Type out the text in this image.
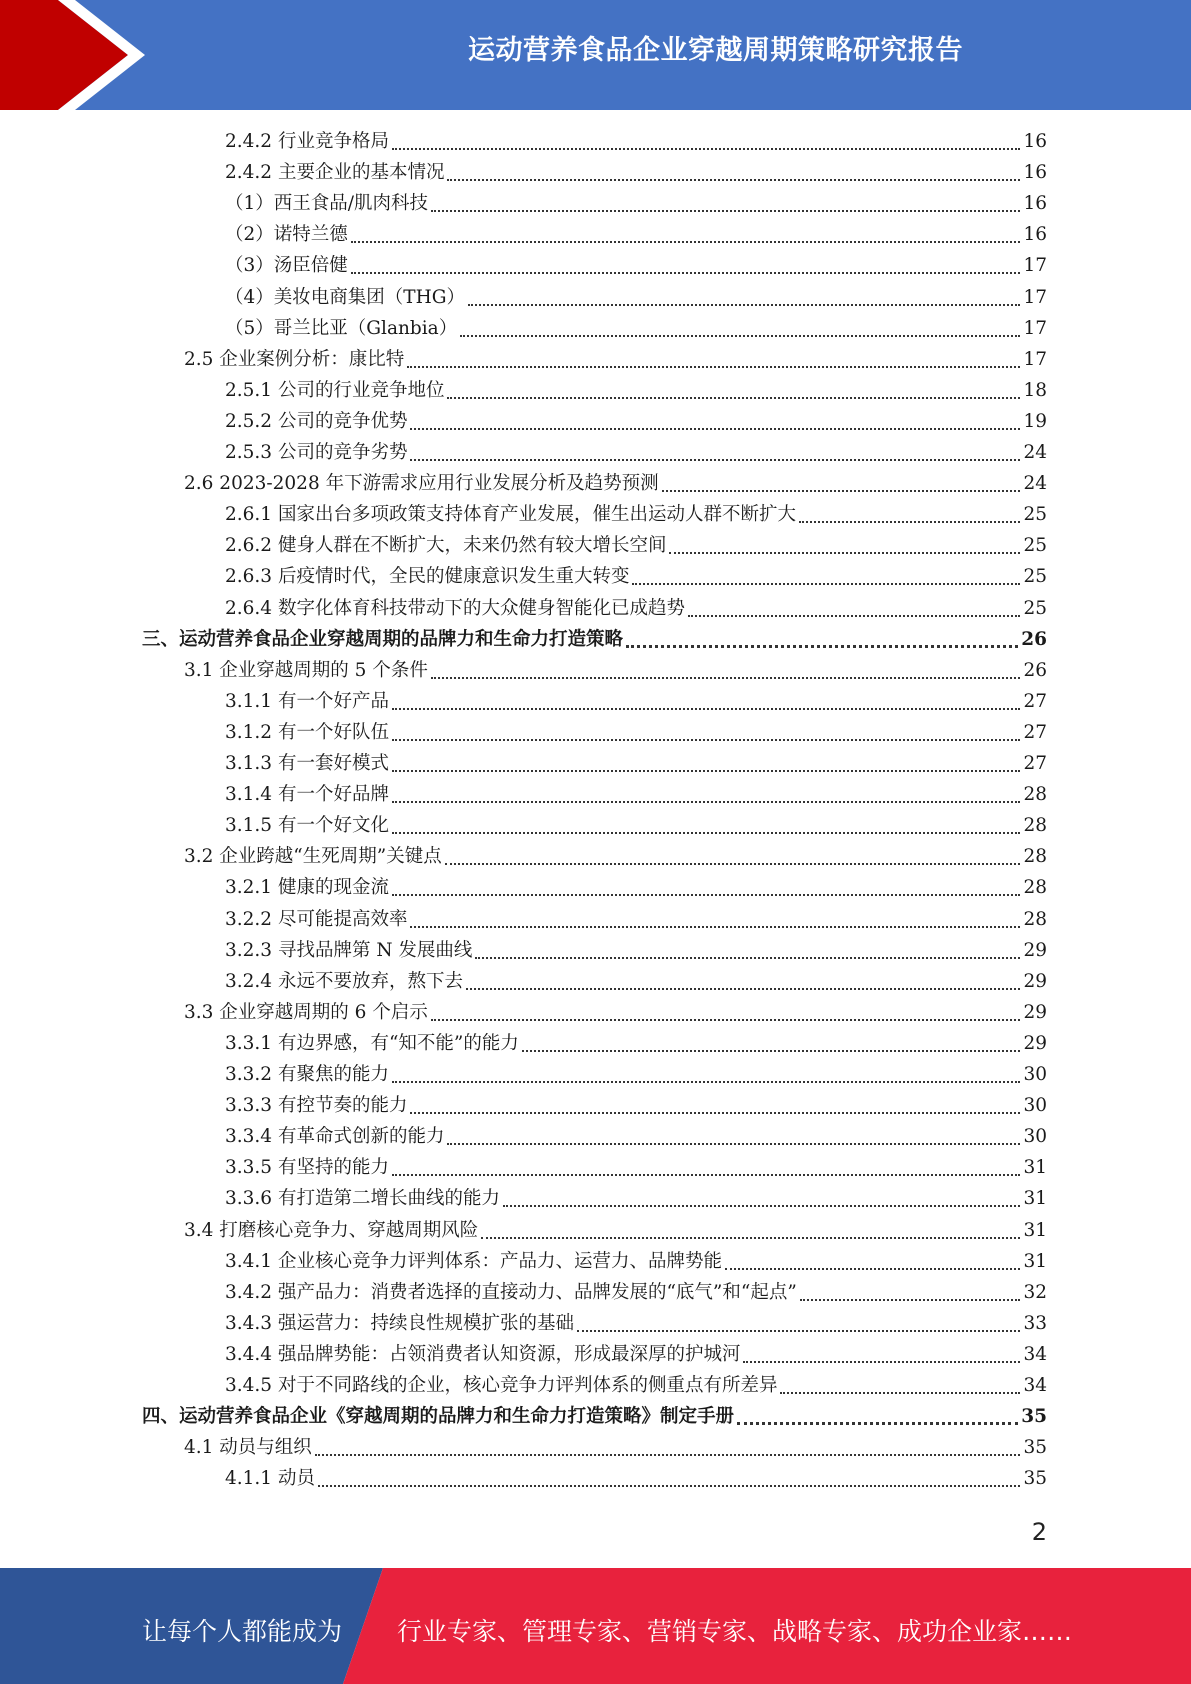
运动营养食品企业穿越周期策略研究报告
2.4.2 行业竞争格局	16
2.4.2 主要企业的基本情况	16
（1）西王食品/肌肉科技	16
（2）诺特兰德	16
（3）汤臣倍健	17
（4）美妆电商集团（THG）	17
（5）哥兰比亚（Glanbia）	17
2.5 企业案例分析：康比特	17
2.5.1 公司的行业竞争地位	18
2.5.2 公司的竞争优势	19
2.5.3 公司的竞争劣势	24
2.6 2023-2028 年下游需求应用行业发展分析及趋势预测	24
2.6.1 国家出台多项政策支持体育产业发展，催生出运动人群不断扩大	25
2.6.2 健身人群在不断扩大，未来仍然有较大增长空间	25
2.6.3 后疫情时代，全民的健康意识发生重大转变	25
2.6.4 数字化体育科技带动下的大众健身智能化已成趋势	25
三、运动营养食品企业穿越周期的品牌力和生命力打造策略	26
3.1 企业穿越周期的 5 个条件	26
3.1.1 有一个好产品	27
3.1.2 有一个好队伍	27
3.1.3 有一套好模式	27
3.1.4 有一个好品牌	28
3.1.5 有一个好文化	28
3.2 企业跨越“生死周期”关键点	28
3.2.1 健康的现金流	28
3.2.2 尽可能提高效率	28
3.2.3 寻找品牌第 N 发展曲线	29
3.2.4 永远不要放弃，熬下去	29
3.3 企业穿越周期的 6 个启示	29
3.3.1 有边界感，有“知不能”的能力	29
3.3.2 有聚焦的能力	30
3.3.3 有控节奏的能力	30
3.3.4 有革命式创新的能力	30
3.3.5 有坚持的能力	31
3.3.6 有打造第二增长曲线的能力	31
3.4 打磨核心竞争力、穿越周期风险	31
3.4.1 企业核心竞争力评判体系：产品力、运营力、品牌势能	31
3.4.2 强产品力：消费者选择的直接动力、品牌发展的“底气”和“起点”	32
3.4.3 强运营力：持续良性规模扩张的基础	33
3.4.4 强品牌势能：占领消费者认知资源，形成最深厚的护城河	34
3.4.5 对于不同路线的企业，核心竞争力评判体系的侧重点有所差异	34
四、运动营养食品企业《穿越周期的品牌力和生命力打造策略》制定手册	35
4.1 动员与组织	35
4.1.1 动员	35
2
让每个人都能成为 行业专家、管理专家、营销专家、战略专家、成功企业家……
